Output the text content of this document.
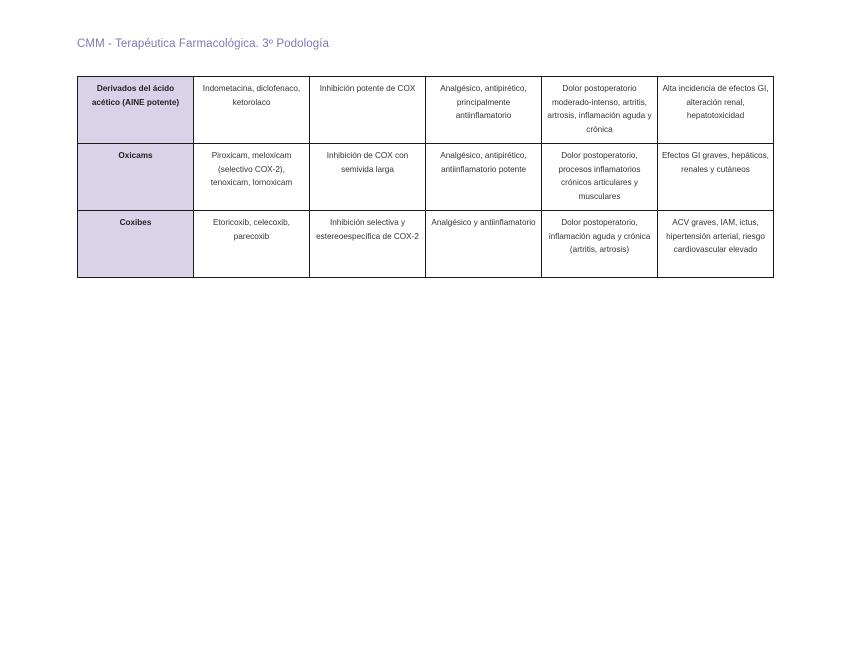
CMM - Terapéutica Farmacológica. 3º Podología
Derivados del ácido acético (AINE potente)	Indometacina, diclofenaco, ketorolaco	Inhibición potente de COX	Analgésico, antipirético, principalmente antiinflamatorio	Dolor postoperatorio moderado-intenso, artritis, artrosis, inflamación aguda y crónica	Alta incidencia de efectos GI, alteración renal, hepatotoxicidad
Oxicams	Piroxicam, meloxicam (selectivo COX-2), tenoxicam, lornoxicam	Inhibición de COX con semivida larga	Analgésico, antipirético, antiinflamatorio potente	Dolor postoperatorio, procesos inflamatorios crónicos articulares y musculares	Efectos GI graves, hepáticos, renales y cutáneos
Coxibes	Etoricoxib, celecoxib, parecoxib	Inhibición selectiva y estereoespecífica de COX-2	Analgésico y antiinflamatorio	Dolor postoperatorio, inflamación aguda y crónica (artritis, artrosis)	ACV graves, IAM, ictus, hipertensión arterial, riesgo cardiovascular elevado
